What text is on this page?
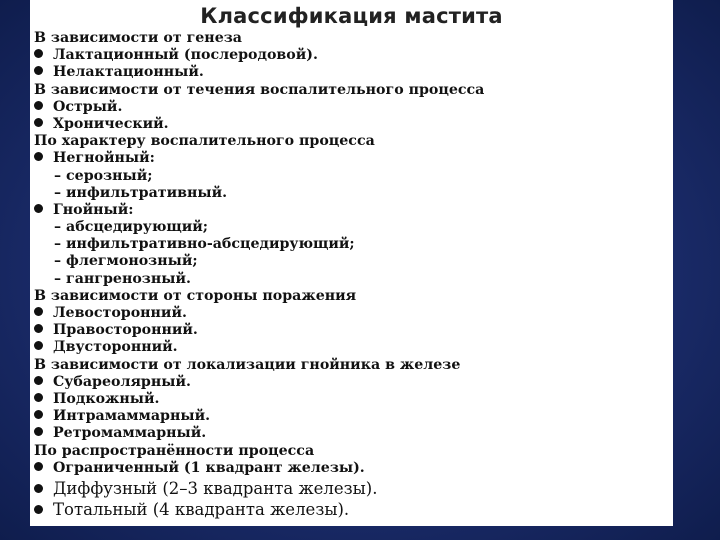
Классификация мастита
В зависимости от генеза
Лактационный (послеродовой).
Нелактационный.
В зависимости от течения воспалительного процесса
Острый.
Хронический.
По характеру воспалительного процесса
Негнойный:
– серозный;
– инфильтративный.
Гнойный:
– абсцедирующий;
– инфильтративно-абсцедирующий;
– флегмонозный;
– гангренозный.
В зависимости от стороны поражения
Левосторонний.
Правосторонний.
Двусторонний.
В зависимости от локализации гнойника в железе
Субареолярный.
Подкожный.
Интрамаммарный.
Ретромаммарный.
По распространённости процесса
Ограниченный (1 квадрант железы).
Диффузный (2–3 квадранта железы).
Тотальный (4 квадранта железы).
